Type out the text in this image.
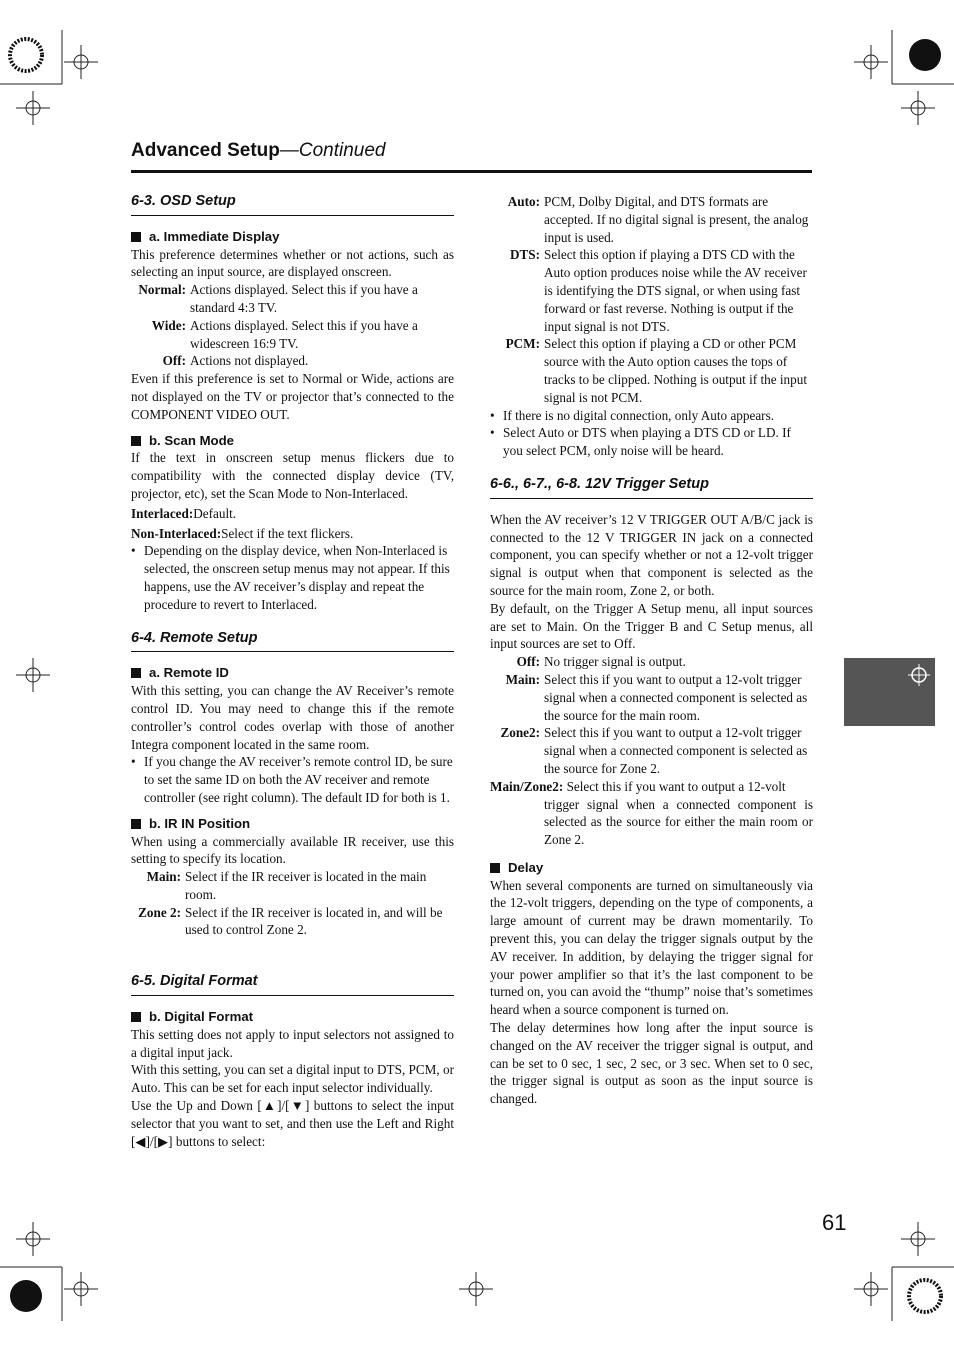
Advanced Setup—Continued
6-3. OSD Setup
a. Immediate Display

This preference determines whether or not actions, such as selecting an input source, are displayed onscreen.

Normal: Actions displayed. Select this if you have a standard 4:3 TV.
Wide: Actions displayed. Select this if you have a widescreen 16:9 TV.
Off: Actions not displayed.

Even if this preference is set to Normal or Wide, actions are not displayed on the TV or projector that’s connected to the COMPONENT VIDEO OUT.

b. Scan Mode

If the text in onscreen setup menus flickers due to compatibility with the connected display device (TV, projector, etc), set the Scan Mode to Non-Interlaced.

Interlaced:Default.

Non-Interlaced:Select if the text flickers.

• Depending on the display device, when Non-Interlaced is selected, the onscreen setup menus may not appear. If this happens, use the AV receiver’s display and repeat the procedure to revert to Interlaced.
6-4. Remote Setup
a. Remote ID

With this setting, you can change the AV Receiver’s remote control ID. You may need to change this if the remote controller’s control codes overlap with those of another Integra component located in the same room.

• If you change the AV receiver’s remote control ID, be sure to set the same ID on both the AV receiver and remote controller (see right column). The default ID for both is 1.
b. IR IN Position

When using a commercially available IR receiver, use this setting to specify its location.

Main: Select if the IR receiver is located in the main room.
Zone 2: Select if the IR receiver is located in, and will be used to control Zone 2.
6-5. Digital Format
b. Digital Format

This setting does not apply to input selectors not assigned to a digital input jack.

With this setting, you can set a digital input to DTS, PCM, or Auto. This can be set for each input selector individually.

Use the Up and Down [▲]/[▼] buttons to select the input selector that you want to set, and then use the Left and Right [◀]/[▶] buttons to select:

Auto: PCM, Dolby Digital, and DTS formats are accepted. If no digital signal is present, the analog input is used.
DTS: Select this option if playing a DTS CD with the Auto option produces noise while the AV receiver is identifying the DTS signal, or when using fast forward or fast reverse. Nothing is output if the input signal is not DTS.
PCM: Select this option if playing a CD or other PCM source with the Auto option causes the tops of tracks to be clipped. Nothing is output if the input signal is not PCM.
• If there is no digital connection, only Auto appears.
• Select Auto or DTS when playing a DTS CD or LD. If you select PCM, only noise will be heard.
6-6., 6-7., 6-8. 12V Trigger Setup

When the AV receiver’s 12 V TRIGGER OUT A/B/C jack is connected to the 12 V TRIGGER IN jack on a connected component, you can specify whether or not a 12-volt trigger signal is output when that component is selected as the source for the main room, Zone 2, or both.

By default, on the Trigger A Setup menu, all input sources are set to Main. On the Trigger B and C Setup menus, all input sources are set to Off.

Off: No trigger signal is output.
Main: Select this if you want to output a 12-volt trigger signal when a connected component is selected as the source for the main room.
Zone2: Select this if you want to output a 12-volt trigger signal when a connected component is selected as the source for Zone 2.

Main/Zone2: Select this if you want to output a 12-volt

trigger signal when a connected component is selected as the source for either the main room or Zone 2.

Delay

When several components are turned on simultaneously via the 12-volt triggers, depending on the type of components, a large amount of current may be drawn momentarily. To prevent this, you can delay the trigger signals output by the AV receiver. In addition, by delaying the trigger signal for your power amplifier so that it’s the last component to be turned on, you can avoid the “thump” noise that’s sometimes heard when a source component is turned on.

The delay determines how long after the input source is changed on the AV receiver the trigger signal is output, and can be set to 0 sec, 1 sec, 2 sec, or 3 sec. When set to 0 sec, the trigger signal is output as soon as the input source is changed.

61
